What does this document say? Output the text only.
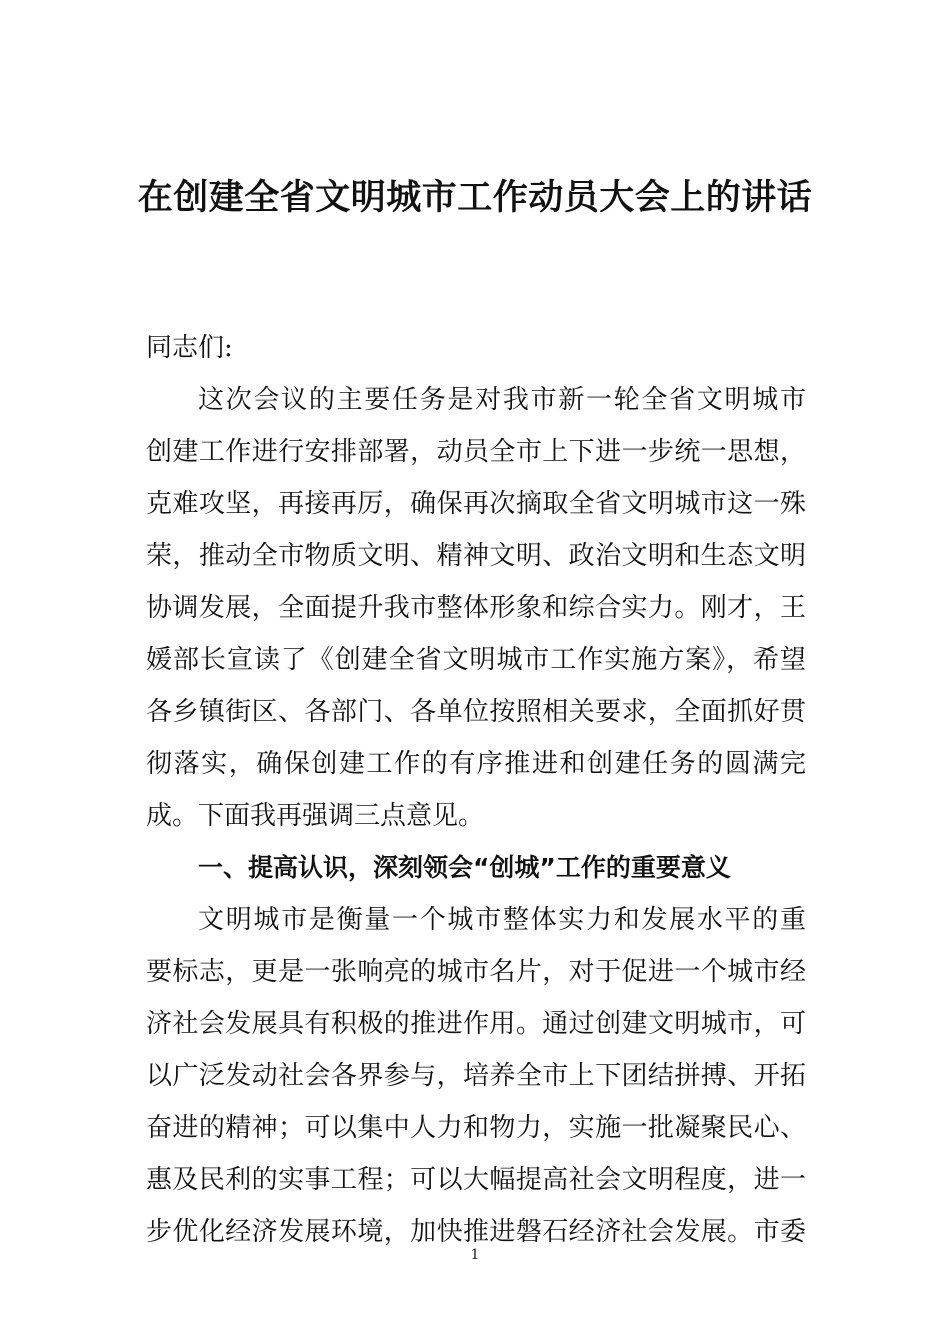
在创建全省文明城市工作动员大会上的讲话
同志们:
这次会议的主要任务是对我市新一轮全省文明城市
创建工作进行安排部署，动员全市上下进一步统一思想，
克难攻坚，再接再厉，确保再次摘取全省文明城市这一殊
荣，推动全市物质文明、精神文明、政治文明和生态文明
协调发展，全面提升我市整体形象和综合实力。刚才，王
媛部长宣读了《创建全省文明城市工作实施方案》，希望
各乡镇街区、各部门、各单位按照相关要求，全面抓好贯
彻落实，确保创建工作的有序推进和创建任务的圆满完
成。下面我再强调三点意见。
一、提高认识，深刻领会“创城”工作的重要意义
文明城市是衡量一个城市整体实力和发展水平的重
要标志，更是一张响亮的城市名片，对于促进一个城市经
济社会发展具有积极的推进作用。通过创建文明城市，可
以广泛发动社会各界参与，培养全市上下团结拼搏、开拓
奋进的精神；可以集中人力和物力，实施一批凝聚民心、
惠及民利的实事工程；可以大幅提高社会文明程度，进一
步优化经济发展环境，加快推进磐石经济社会发展。市委
1
